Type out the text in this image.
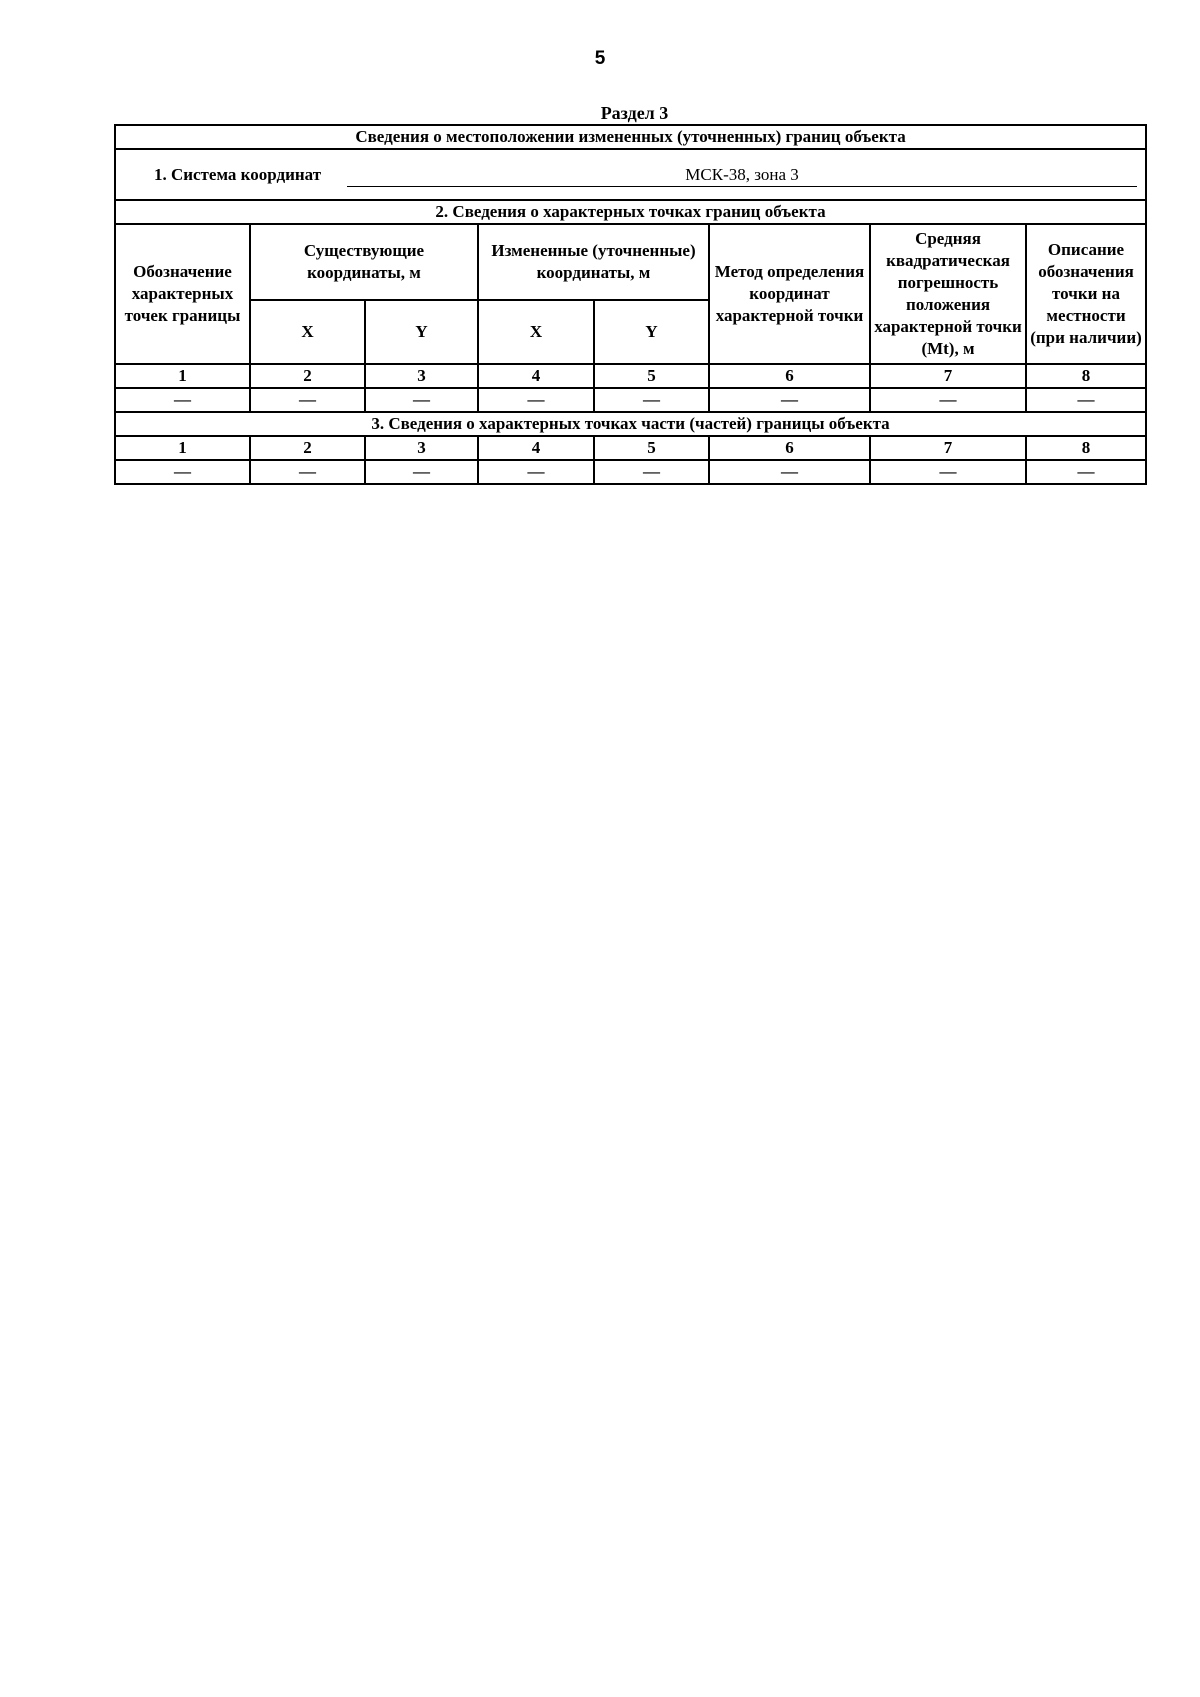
5
Раздел 3
Сведения о местоположении измененных (уточненных) границ объекта							
1. Система координат МСК-38, зона 3							
2. Сведения о характерных точках границ объекта							
Обозначение характерных точек границы	Существующие координаты, м		Измененные (уточненные) координаты, м		Метод определения координат характерной точки	Средняя квадратическая погрешность положения характерной точки (Mt), м	Описание обозначения точки на местности (при наличии)
	X	Y	X	Y			
1	2	3	4	5	6	7	8
—	—	—	—	—	—	—	—
3. Сведения о характерных точках части (частей) границы объекта							
1	2	3	4	5	6	7	8
—	—	—	—	—	—	—	—
